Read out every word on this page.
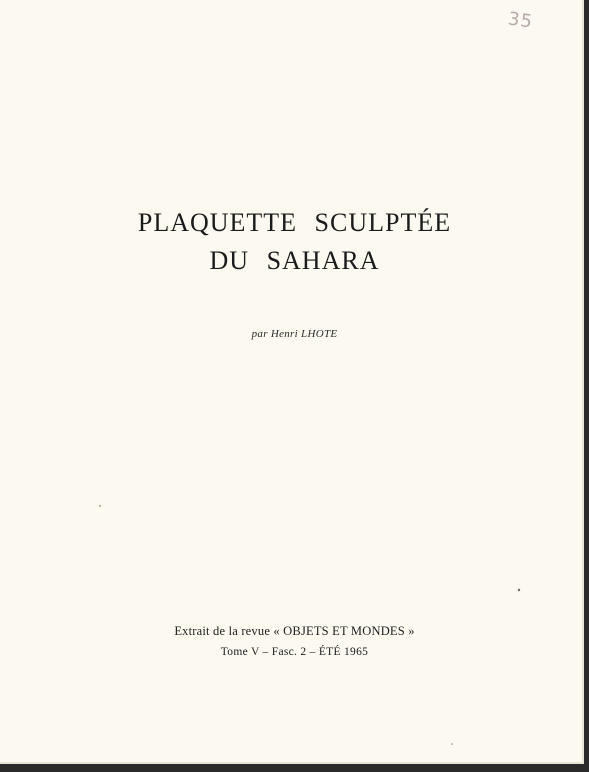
35
PLAQUETTE SCULPTÉE
DU SAHARA
par Henri LHOTE
Extrait de la revue « OBJETS ET MONDES »
Tome V – Fasc. 2 – ÉTÉ 1965
